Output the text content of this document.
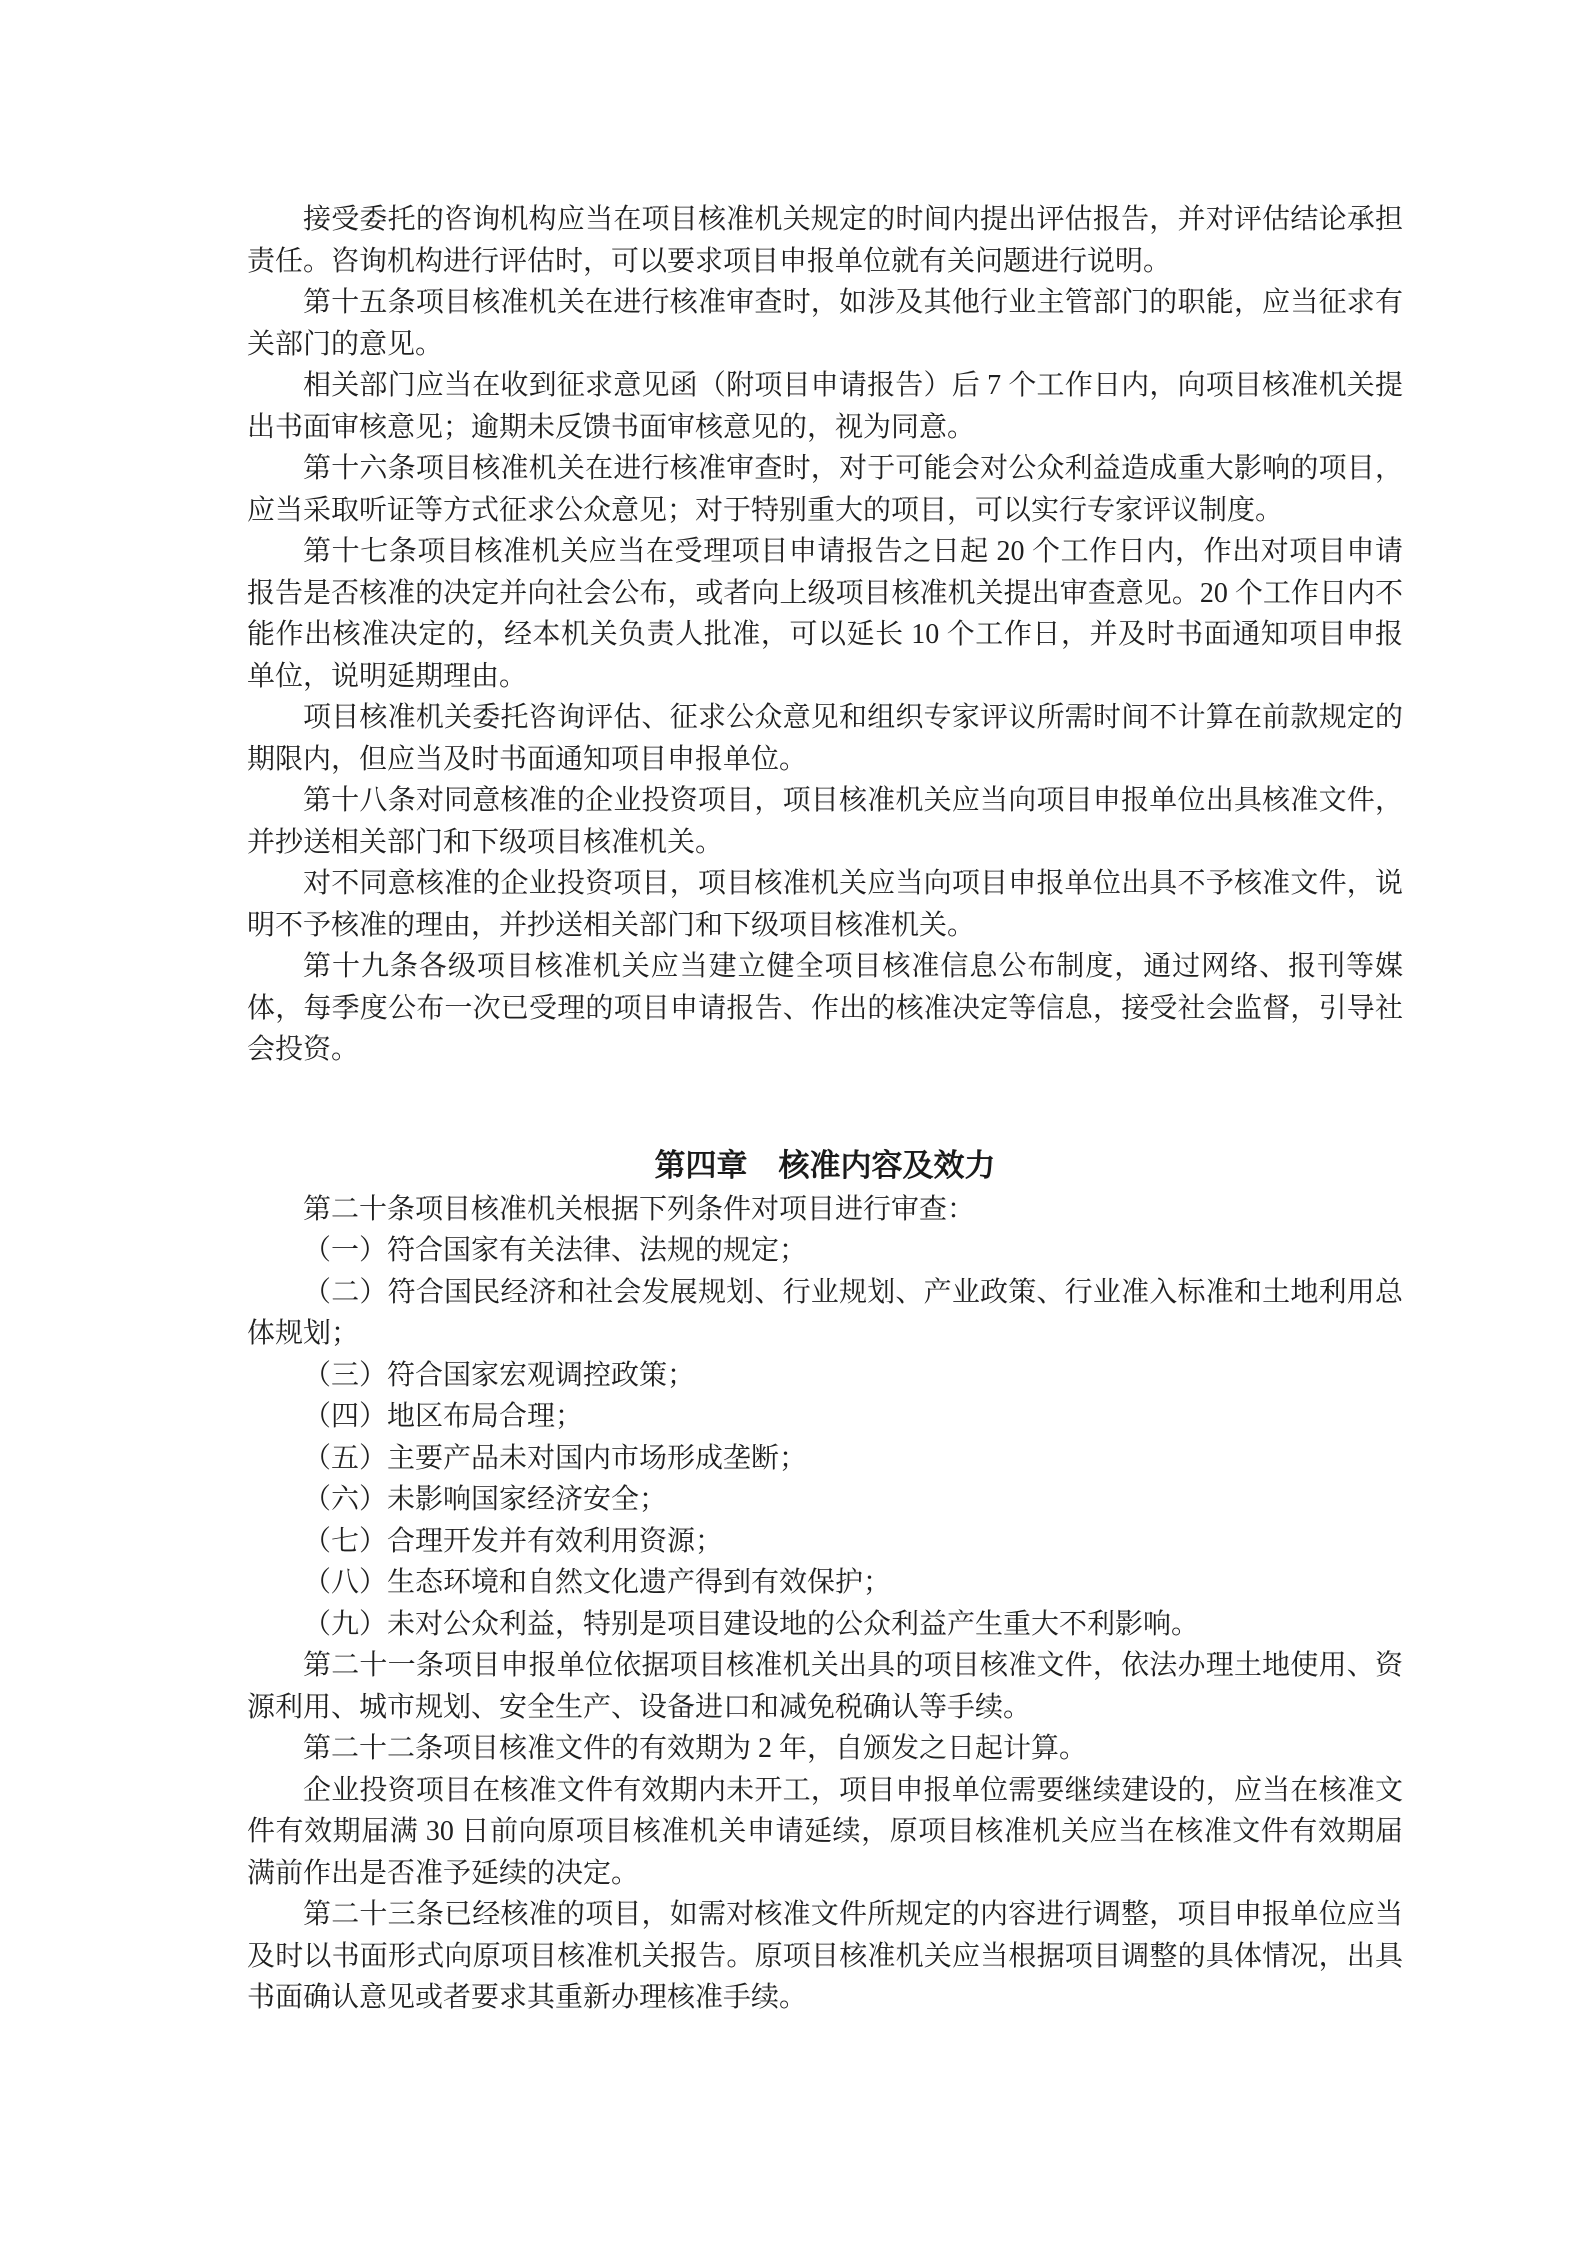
接受委托的咨询机构应当在项目核准机关规定的时间内提出评估报告，并对评估结论承担责任。咨询机构进行评估时，可以要求项目申报单位就有关问题进行说明。

第十五条项目核准机关在进行核准审查时，如涉及其他行业主管部门的职能，应当征求有关部门的意见。

相关部门应当在收到征求意见函（附项目申请报告）后 7 个工作日内，向项目核准机关提出书面审核意见；逾期未反馈书面审核意见的，视为同意。

第十六条项目核准机关在进行核准审查时，对于可能会对公众利益造成重大影响的项目，应当采取听证等方式征求公众意见；对于特别重大的项目，可以实行专家评议制度。

第十七条项目核准机关应当在受理项目申请报告之日起 20 个工作日内，作出对项目申请报告是否核准的决定并向社会公布，或者向上级项目核准机关提出审查意见。20 个工作日内不能作出核准决定的，经本机关负责人批准，可以延长 10 个工作日，并及时书面通知项目申报单位，说明延期理由。

项目核准机关委托咨询评估、征求公众意见和组织专家评议所需时间不计算在前款规定的期限内，但应当及时书面通知项目申报单位。

第十八条对同意核准的企业投资项目，项目核准机关应当向项目申报单位出具核准文件，并抄送相关部门和下级项目核准机关。

对不同意核准的企业投资项目，项目核准机关应当向项目申报单位出具不予核准文件，说明不予核准的理由，并抄送相关部门和下级项目核准机关。

第十九条各级项目核准机关应当建立健全项目核准信息公布制度，通过网络、报刊等媒体，每季度公布一次已受理的项目申请报告、作出的核准决定等信息，接受社会监督，引导社会投资。

第四章　核准内容及效力

第二十条项目核准机关根据下列条件对项目进行审查：

（一）符合国家有关法律、法规的规定；

（二）符合国民经济和社会发展规划、行业规划、产业政策、行业准入标准和土地利用总体规划；

（三）符合国家宏观调控政策；

（四）地区布局合理；

（五）主要产品未对国内市场形成垄断；

（六）未影响国家经济安全；

（七）合理开发并有效利用资源；

（八）生态环境和自然文化遗产得到有效保护；

（九）未对公众利益，特别是项目建设地的公众利益产生重大不利影响。

第二十一条项目申报单位依据项目核准机关出具的项目核准文件，依法办理土地使用、资源利用、城市规划、安全生产、设备进口和减免税确认等手续。

第二十二条项目核准文件的有效期为 2 年，自颁发之日起计算。

企业投资项目在核准文件有效期内未开工，项目申报单位需要继续建设的，应当在核准文件有效期届满 30 日前向原项目核准机关申请延续，原项目核准机关应当在核准文件有效期届满前作出是否准予延续的决定。

第二十三条已经核准的项目，如需对核准文件所规定的内容进行调整，项目申报单位应当及时以书面形式向原项目核准机关报告。原项目核准机关应当根据项目调整的具体情况，出具书面确认意见或者要求其重新办理核准手续。
